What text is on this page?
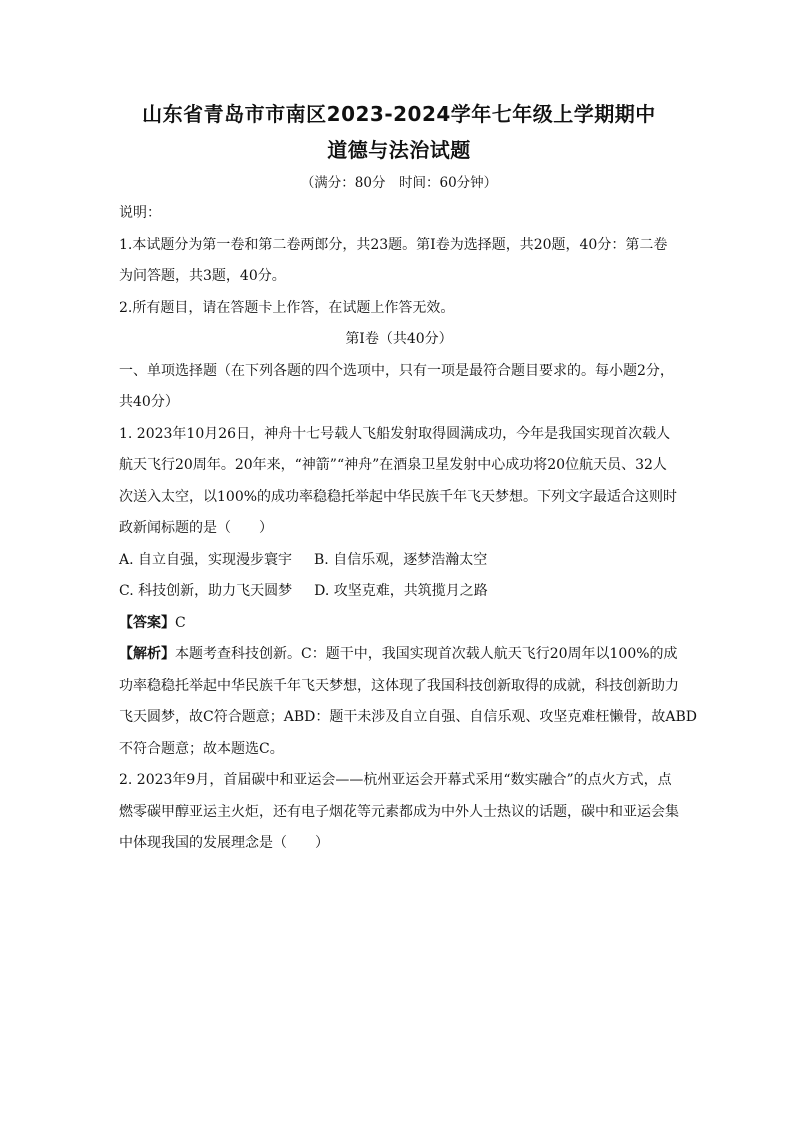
山东省青岛市市南区2023-2024学年七年级上学期期中

道德与法治试题

（满分：80分　时间：60分钟）

说明：

1.本试题分为第一卷和第二卷两郎分，共23题。第I卷为选择题，共20题，40分：第二卷

为问答题，共3题，40分。

2.所有题目，请在答题卡上作答，在试题上作答无效。

第I卷（共40分）

一、单项选择题（在下列各题的四个选项中，只有一项是最符合题目要求的。每小题2分，

共40分）

1. 2023年10月26日，神舟十七号载人飞船发射取得圆满成功，今年是我国实现首次载人

航天飞行20周年。20年来，“神箭”“神舟”在酒泉卫星发射中心成功将20位航天员、32人

次送入太空，以100%的成功率稳稳托举起中华民族千年飞天梦想。下列文字最适合这则时

政新闻标题的是（　　）

A. 自立自强，实现漫步寰宇 B. 自信乐观，逐梦浩瀚太空
C. 科技创新，助力飞天圆梦 D. 攻坚克难，共筑揽月之路

【答案】C

【解析】本题考查科技创新。C：题干中，我国实现首次载人航天飞行20周年以100%的成

功率稳稳托举起中华民族千年飞天梦想，这体现了我国科技创新取得的成就，科技创新助力

飞天圆梦，故C符合题意；ABD：题干未涉及自立自强、自信乐观、攻坚克难枉懒骨，故ABD

不符合题意；故本题选C。

2. 2023年9月，首届碳中和亚运会——杭州亚运会开幕式采用“数实融合”的点火方式，点

燃零碳甲醇亚运主火炬，还有电子烟花等元素都成为中外人士热议的话题，碳中和亚运会集

中体现我国的发展理念是（　　）
